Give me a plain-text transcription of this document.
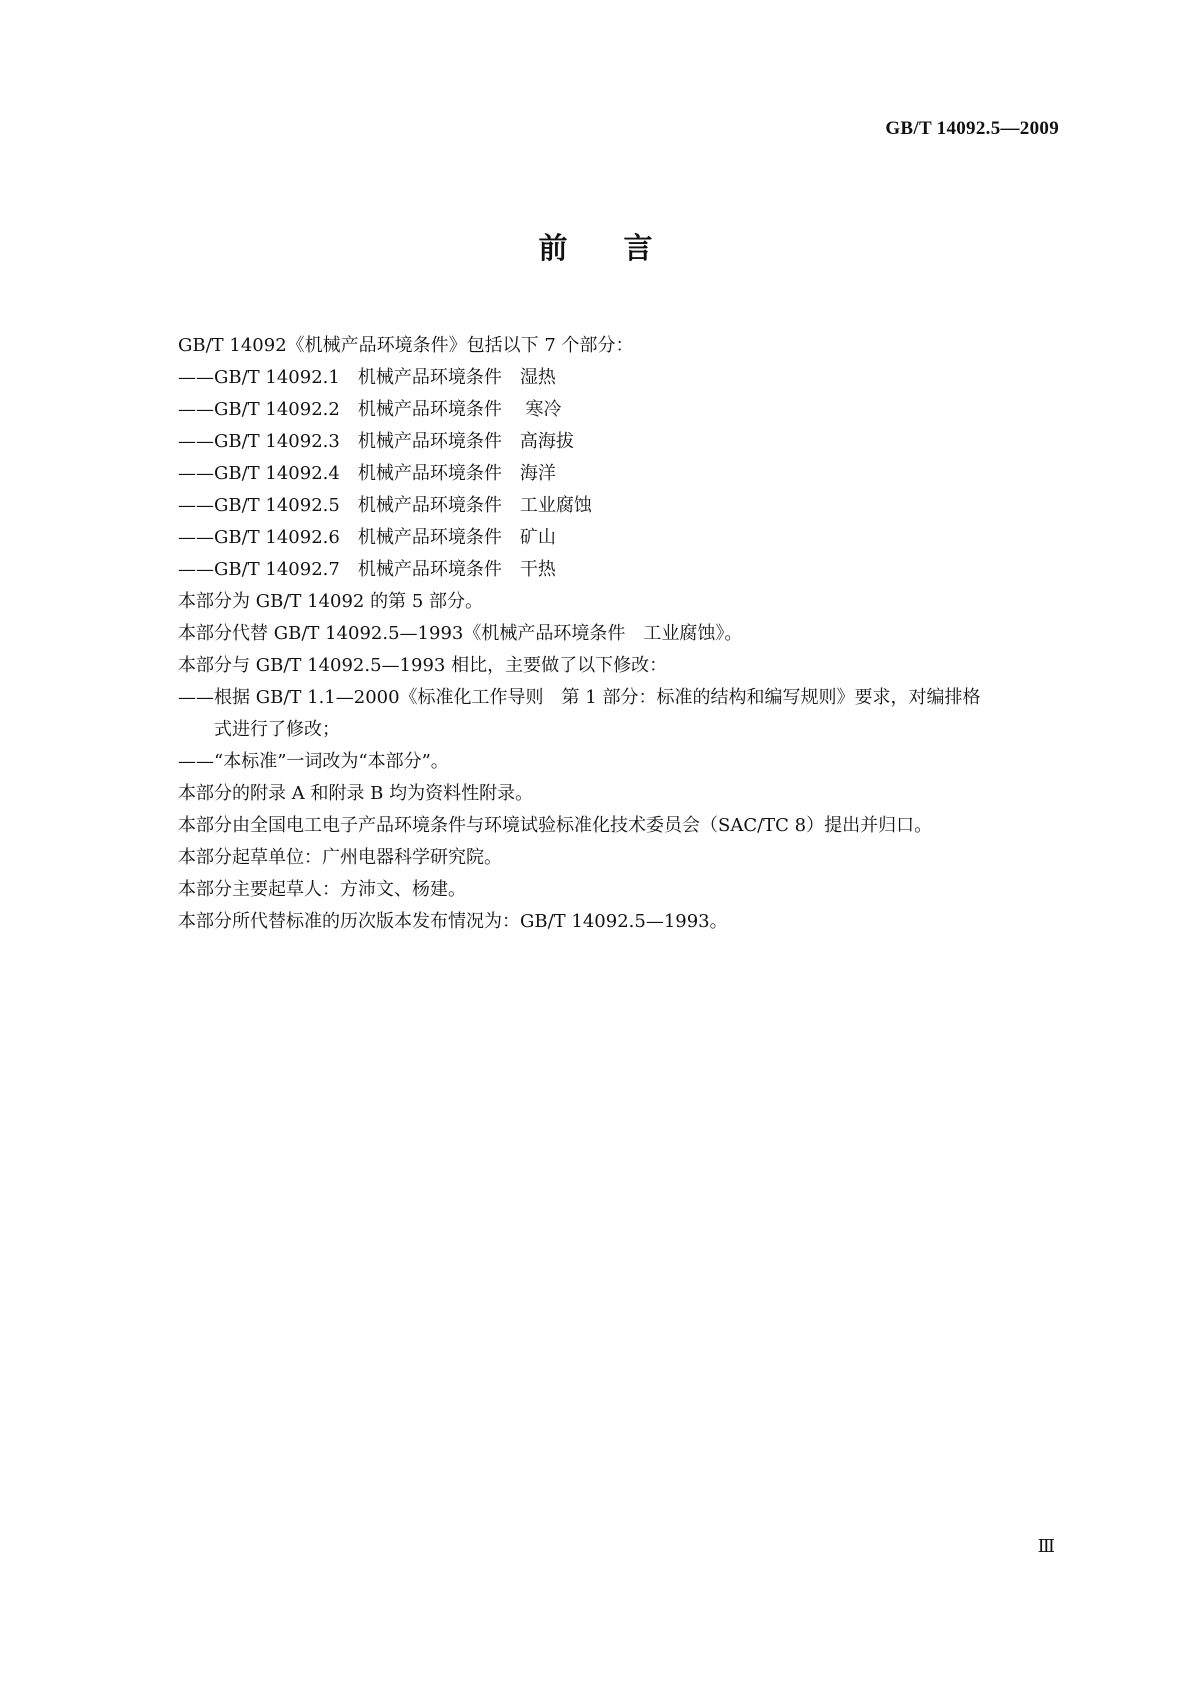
GB/T 14092.5—2009
前言
GB/T 14092《机械产品环境条件》包括以下 7 个部分：
——GB/T 14092.1　机械产品环境条件　湿热
——GB/T 14092.2　机械产品环境条件　 寒冷
——GB/T 14092.3　机械产品环境条件　高海拔
——GB/T 14092.4　机械产品环境条件　海洋
——GB/T 14092.5　机械产品环境条件　工业腐蚀
——GB/T 14092.6　机械产品环境条件　矿山
——GB/T 14092.7　机械产品环境条件　干热
本部分为 GB/T 14092 的第 5 部分。
本部分代替 GB/T 14092.5—1993《机械产品环境条件　工业腐蚀》。
本部分与 GB/T 14092.5—1993 相比，主要做了以下修改：
——根据 GB/T 1.1—2000《标准化工作导则　第 1 部分：标准的结构和编写规则》要求，对编排格
式进行了修改；
——“本标准”一词改为“本部分”。
本部分的附录 A 和附录 B 均为资料性附录。
本部分由全国电工电子产品环境条件与环境试验标准化技术委员会（SAC/TC 8）提出并归口。
本部分起草单位：广州电器科学研究院。
本部分主要起草人：方沛文、杨建。
本部分所代替标准的历次版本发布情况为：GB/T 14092.5—1993。
Ⅲ
